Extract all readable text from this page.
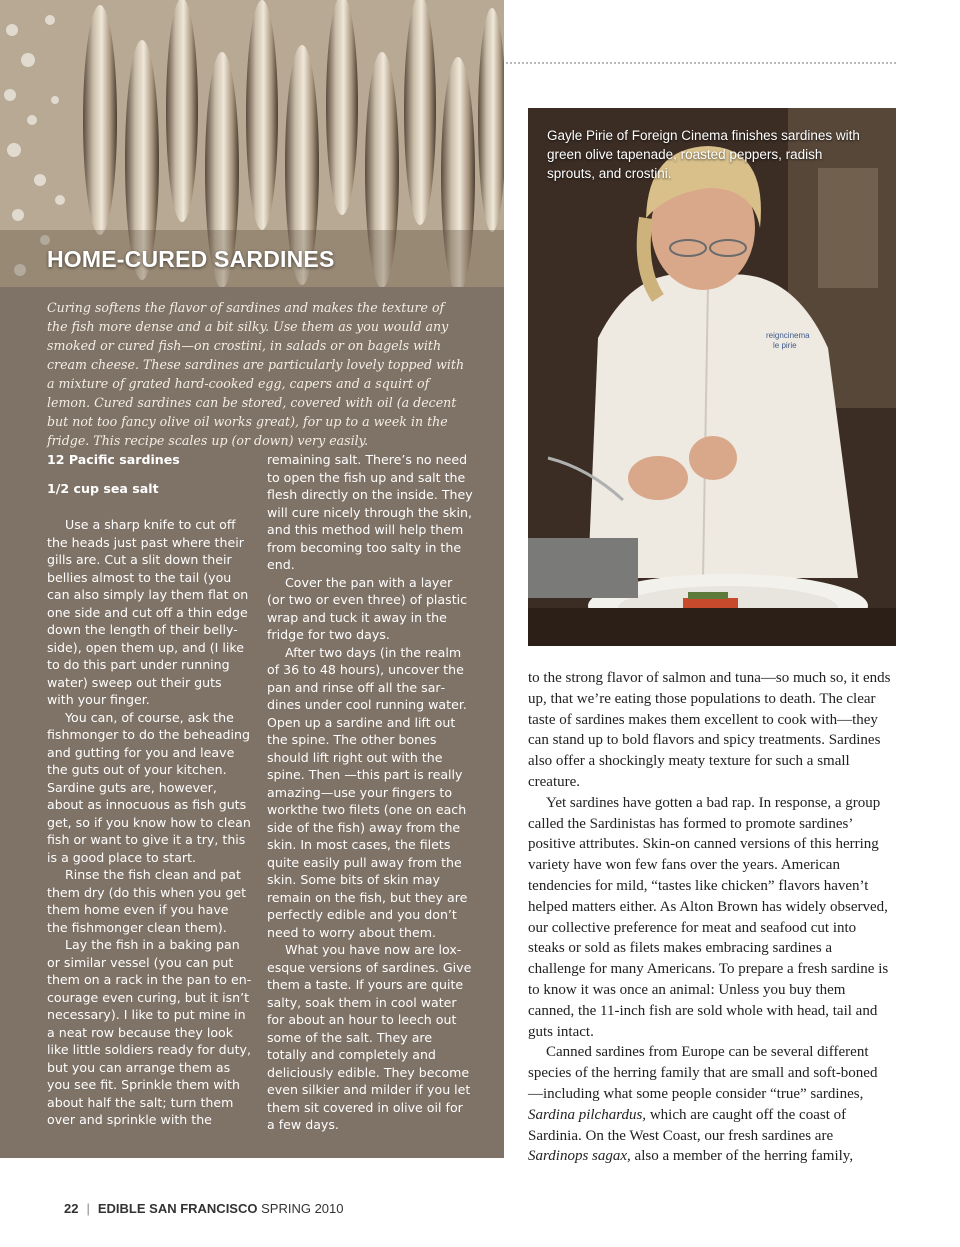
HOME-CURED SARDINES

Curing softens the flavor of sardines and makes the texture of the fish more dense and a bit silky. Use them as you would any smoked or cured fish—on crostini, in salads or on bagels with cream cheese. These sardines are particularly lovely topped with a mixture of grated hard-cooked egg, capers and a squirt of lemon. Cured sardines can be stored, covered with oil (a decent but not too fancy olive oil works great), for up to a week in the fridge. This recipe scales up (or down) very easily.

12 Pacific sardines

1/2 cup sea salt

Use a sharp knife to cut off the heads just past where their gills are. Cut a slit down their bellies almost to the tail (you can also simply lay them flat on one side and cut off a thin edge down the length of their belly-side), open them up, and (I like to do this part under running water) sweep out their guts with your finger.

You can, of course, ask the fishmonger to do the beheading and gutting for you and leave the guts out of your kitchen. Sardine guts are, however, about as innocuous as fish guts get, so if you know how to clean fish or want to give it a try, this is a good place to start.

Rinse the fish clean and pat them dry (do this when you get them home even if you have the fishmonger clean them).

Lay the fish in a baking pan or similar vessel (you can put them on a rack in the pan to encourage even curing, but it isn’t necessary). I like to put mine in a neat row because they look like little soldiers ready for duty, but you can arrange them as you see fit. Sprinkle them with about half the salt; turn them over and sprinkle with the

remaining salt. There’s no need to open the fish up and salt the flesh directly on the inside. They will cure nicely through the skin, and this method will help them from becoming too salty in the end.

Cover the pan with a layer (or two or even three) of plastic wrap and tuck it away in the fridge for two days.

After two days (in the realm of 36 to 48 hours), uncover the pan and rinse off all the sardines under cool running water. Open up a sardine and lift out the spine. The other bones should lift right out with the spine. Then —this part is really amazing—use your fingers to workthe two filets (one on each side of the fish) away from the skin. In most cases, the filets quite easily pull away from the skin. Some bits of skin may remain on the fish, but they are perfectly edible and you don’t need to worry about them.

What you have now are lox-esque versions of sardines. Give them a taste. If yours are quite salty, soak them in cool water for about an hour to leech out some of the salt. They are totally and completely and deliciously edible. They become even silkier and milder if you let them sit covered in olive oil for a few days.

reigncinema
le pirie

Gayle Pirie of Foreign Cinema finishes sardines with green olive tapenade, roasted peppers, radish sprouts, and crostini.

to the strong flavor of salmon and tuna—so much so, it ends up, that we’re eating those populations to death. The clear taste of sardines makes them excellent to cook with—they can stand up to bold flavors and spicy treatments. Sardines also offer a shockingly meaty texture for such a small creature.

Yet sardines have gotten a bad rap. In response, a group called the Sardinistas has formed to promote sardines’ positive attributes. Skin-on canned versions of this herring variety have won few fans over the years. American tendencies for mild, “tastes like chicken” flavors haven’t helped matters either. As Alton Brown has widely observed, our collective preference for meat and seafood cut into steaks or sold as filets makes embracing sardines a challenge for many Americans. To prepare a fresh sardine is to know it was once an animal: Unless you buy them canned, the 11-inch fish are sold whole with head, tail and guts intact.

Canned sardines from Europe can be several different species of the herring family that are small and soft-boned—including what some people consider “true” sardines, Sardina pilchardus, which are caught off the coast of Sardinia. On the West Coast, our fresh sardines are Sardinops sagax, also a member of the herring family,

22 | EDIBLE SAN FRANCISCO SPRING 2010
